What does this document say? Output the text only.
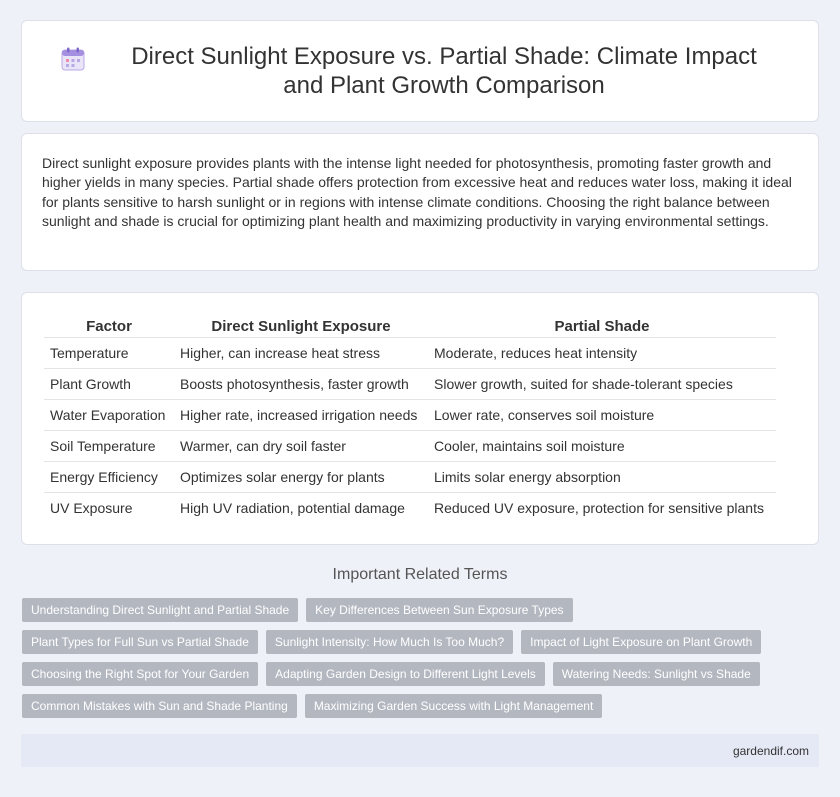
Direct Sunlight Exposure vs. Partial Shade: Climate Impact and Plant Growth Comparison

Direct sunlight exposure provides plants with the intense light needed for photosynthesis, promoting faster growth and higher yields in many species. Partial shade offers protection from excessive heat and reduces water loss, making it ideal for plants sensitive to harsh sunlight or in regions with intense climate conditions. Choosing the right balance between sunlight and shade is crucial for optimizing plant health and maximizing productivity in varying environmental settings.

Factor	Direct Sunlight Exposure	Partial Shade
Temperature	Higher, can increase heat stress	Moderate, reduces heat intensity
Plant Growth	Boosts photosynthesis, faster growth	Slower growth, suited for shade-tolerant species
Water Evaporation	Higher rate, increased irrigation needs	Lower rate, conserves soil moisture
Soil Temperature	Warmer, can dry soil faster	Cooler, maintains soil moisture
Energy Efficiency	Optimizes solar energy for plants	Limits solar energy absorption
UV Exposure	High UV radiation, potential damage	Reduced UV exposure, protection for sensitive plants
Important Related Terms
Understanding Direct Sunlight and Partial Shade	Key Differences Between Sun Exposure Types
Plant Types for Full Sun vs Partial Shade	Sunlight Intensity: How Much Is Too Much?	Impact of Light Exposure on Plant Growth
Choosing the Right Spot for Your Garden	Adapting Garden Design to Different Light Levels	Watering Needs: Sunlight vs Shade
Common Mistakes with Sun and Shade Planting	Maximizing Garden Success with Light Management
gardendif.com
